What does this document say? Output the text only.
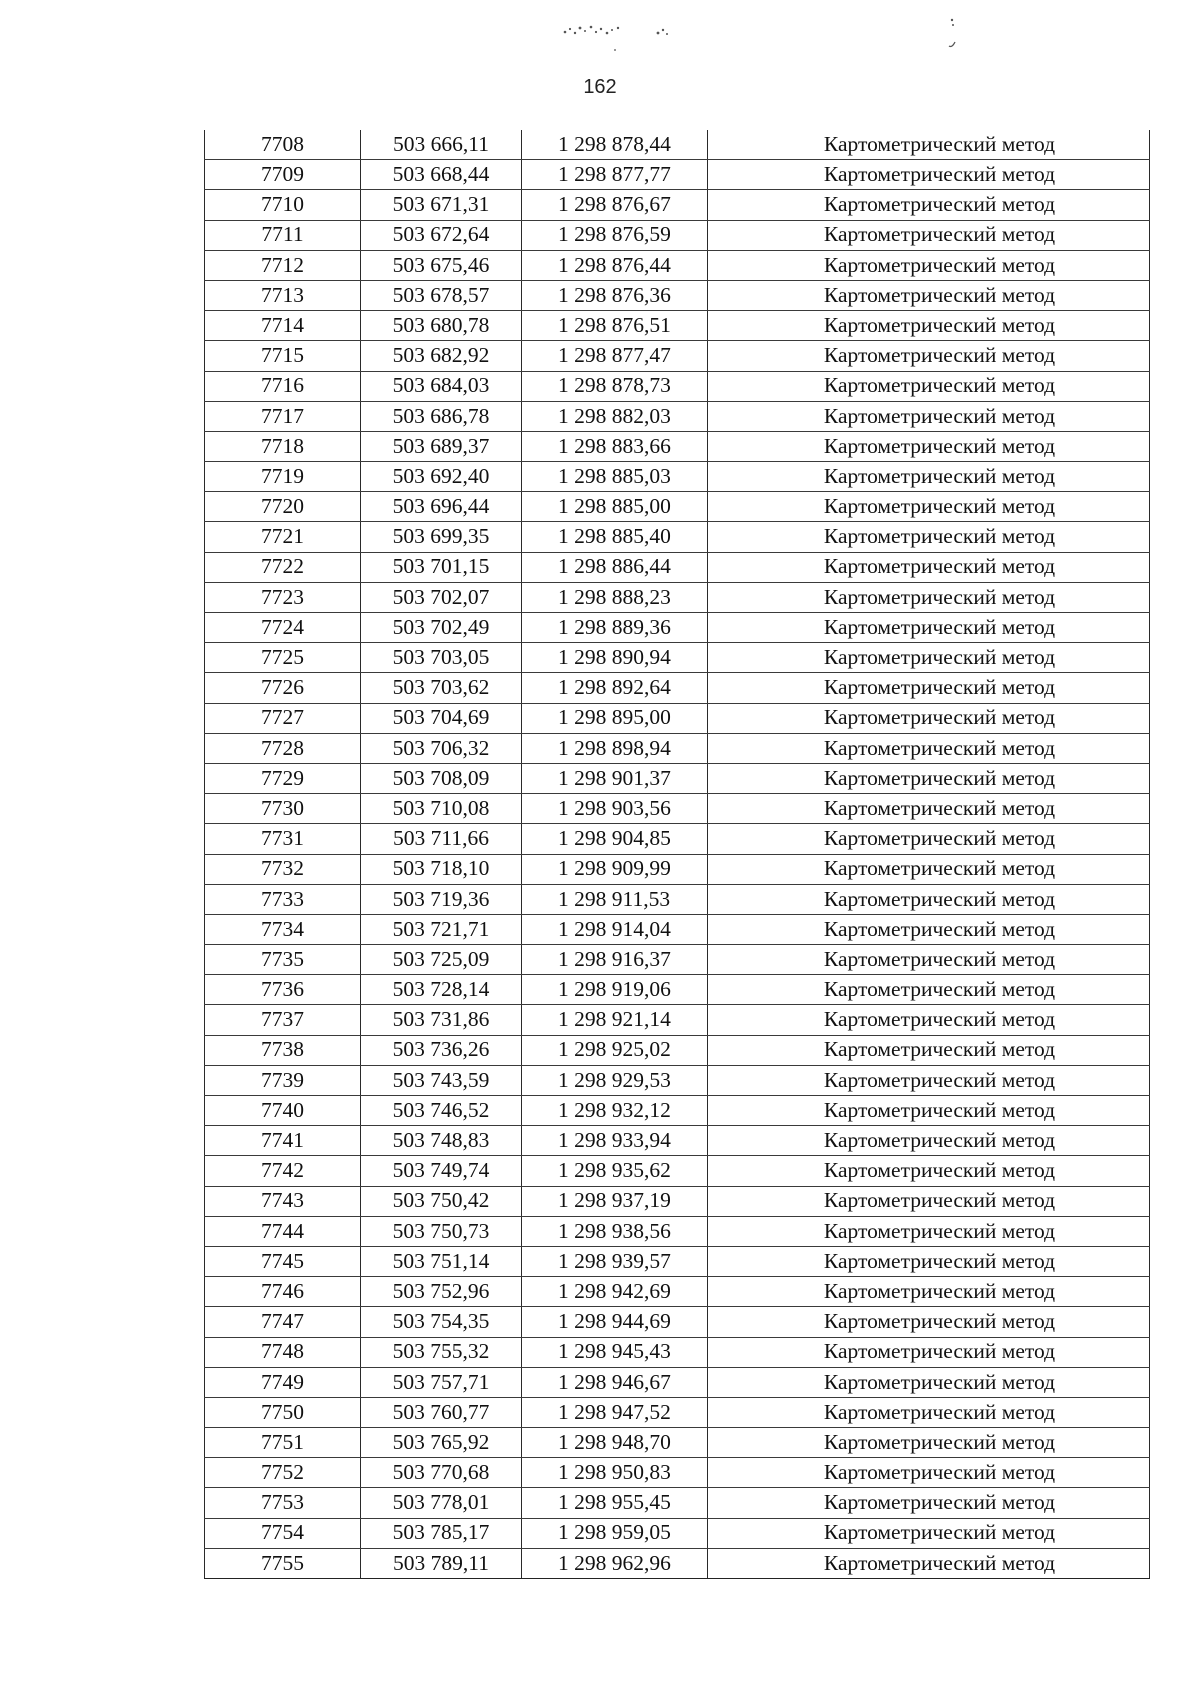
162
7708	503 666,11	1 298 878,44	Картометрический метод
7709	503 668,44	1 298 877,77	Картометрический метод
7710	503 671,31	1 298 876,67	Картометрический метод
7711	503 672,64	1 298 876,59	Картометрический метод
7712	503 675,46	1 298 876,44	Картометрический метод
7713	503 678,57	1 298 876,36	Картометрический метод
7714	503 680,78	1 298 876,51	Картометрический метод
7715	503 682,92	1 298 877,47	Картометрический метод
7716	503 684,03	1 298 878,73	Картометрический метод
7717	503 686,78	1 298 882,03	Картометрический метод
7718	503 689,37	1 298 883,66	Картометрический метод
7719	503 692,40	1 298 885,03	Картометрический метод
7720	503 696,44	1 298 885,00	Картометрический метод
7721	503 699,35	1 298 885,40	Картометрический метод
7722	503 701,15	1 298 886,44	Картометрический метод
7723	503 702,07	1 298 888,23	Картометрический метод
7724	503 702,49	1 298 889,36	Картометрический метод
7725	503 703,05	1 298 890,94	Картометрический метод
7726	503 703,62	1 298 892,64	Картометрический метод
7727	503 704,69	1 298 895,00	Картометрический метод
7728	503 706,32	1 298 898,94	Картометрический метод
7729	503 708,09	1 298 901,37	Картометрический метод
7730	503 710,08	1 298 903,56	Картометрический метод
7731	503 711,66	1 298 904,85	Картометрический метод
7732	503 718,10	1 298 909,99	Картометрический метод
7733	503 719,36	1 298 911,53	Картометрический метод
7734	503 721,71	1 298 914,04	Картометрический метод
7735	503 725,09	1 298 916,37	Картометрический метод
7736	503 728,14	1 298 919,06	Картометрический метод
7737	503 731,86	1 298 921,14	Картометрический метод
7738	503 736,26	1 298 925,02	Картометрический метод
7739	503 743,59	1 298 929,53	Картометрический метод
7740	503 746,52	1 298 932,12	Картометрический метод
7741	503 748,83	1 298 933,94	Картометрический метод
7742	503 749,74	1 298 935,62	Картометрический метод
7743	503 750,42	1 298 937,19	Картометрический метод
7744	503 750,73	1 298 938,56	Картометрический метод
7745	503 751,14	1 298 939,57	Картометрический метод
7746	503 752,96	1 298 942,69	Картометрический метод
7747	503 754,35	1 298 944,69	Картометрический метод
7748	503 755,32	1 298 945,43	Картометрический метод
7749	503 757,71	1 298 946,67	Картометрический метод
7750	503 760,77	1 298 947,52	Картометрический метод
7751	503 765,92	1 298 948,70	Картометрический метод
7752	503 770,68	1 298 950,83	Картометрический метод
7753	503 778,01	1 298 955,45	Картометрический метод
7754	503 785,17	1 298 959,05	Картометрический метод
7755	503 789,11	1 298 962,96	Картометрический метод
